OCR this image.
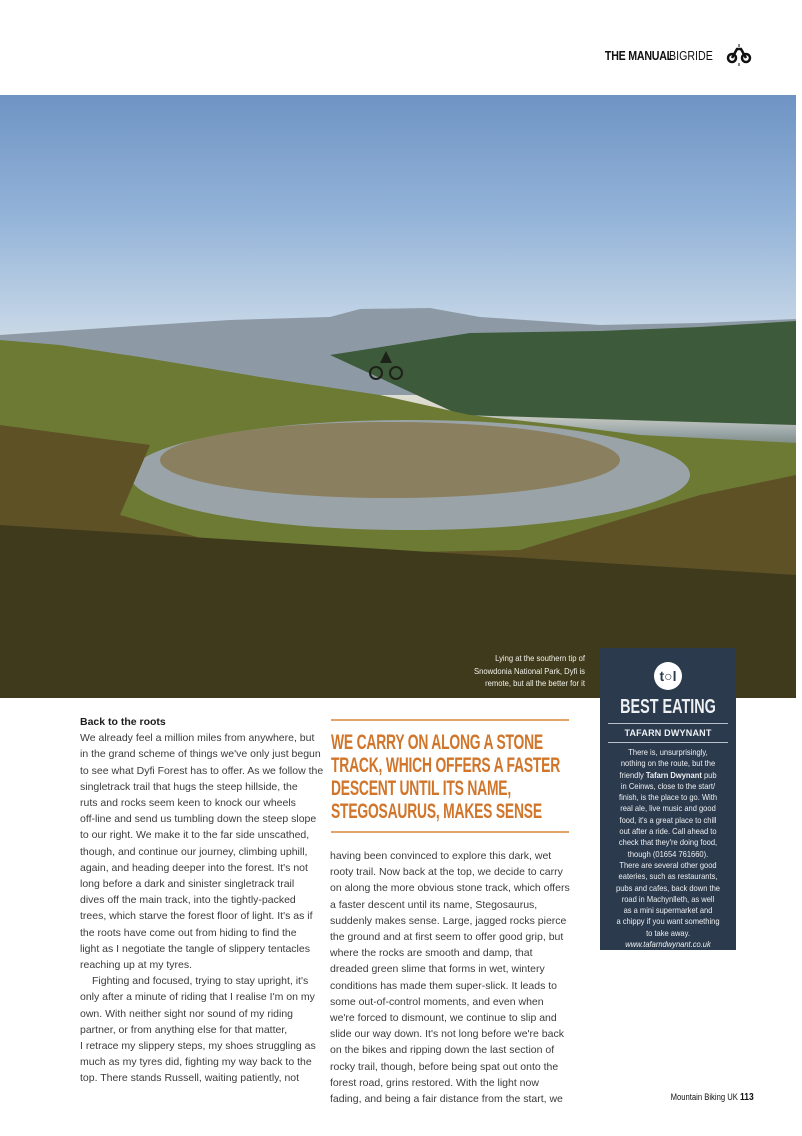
THE MANUAL
BIGRIDE
Lying at the southern tip of
Snowdonia National Park, Dyfi is
remote, but all the better for it	t○l
BEST EATING
TAFARN DWYNANT
There is, unsurprisingly,
nothing on the route, but the
friendly Tafarn Dwynant pub
in Ceinws, close to the start/
finish, is the place to go. With
real ale, live music and good
food, it's a great place to chill
out after a ride. Call ahead to
check that they're doing food,
though (01654 761660).
There are several other good
eateries, such as restaurants,
pubs and cafes, back down the
road in Machynlleth, as well
as a mini supermarket and
a chippy if you want something
to take away.
www.tafarndwynant.co.uk
Back to the roots
We already feel a million miles from anywhere, but
in the grand scheme of things we've only just begun
to see what Dyfi Forest has to offer. As we follow the
singletrack trail that hugs the steep hillside, the
ruts and rocks seem keen to knock our wheels
off-line and send us tumbling down the steep slope
to our right. We make it to the far side unscathed,
though, and continue our journey, climbing uphill,
again, and heading deeper into the forest. It's not
long before a dark and sinister singletrack trail
dives off the main track, into the tightly-packed
trees, which starve the forest floor of light. It's as if
the roots have come out from hiding to find the
light as I negotiate the tangle of slippery tentacles
reaching up at my tyres.
Fighting and focused, trying to stay upright, it's
only after a minute of riding that I realise I'm on my
own. With neither sight nor sound of my riding
partner, or from anything else for that matter,
I retrace my slippery steps, my shoes struggling as
much as my tyres did, fighting my way back to the
top. There stands Russell, waiting patiently, not
WE CARRY ON ALONG A STONE
TRACK, WHICH OFFERS A FASTER
DESCENT UNTIL ITS NAME,
STEGOSAURUS, MAKES SENSE
having been convinced to explore this dark, wet
rooty trail. Now back at the top, we decide to carry
on along the more obvious stone track, which offers
a faster descent until its name, Stegosaurus,
suddenly makes sense. Large, jagged rocks pierce
the ground and at first seem to offer good grip, but
where the rocks are smooth and damp, that
dreaded green slime that forms in wet, wintery
conditions has made them super-slick. It leads to
some out-of-control moments, and even when
we're forced to dismount, we continue to slip and
slide our way down. It's not long before we're back
on the bikes and ripping down the last section of
rocky trail, though, before being spat out onto the
forest road, grins restored. With the light now
fading, and being a fair distance from the start, we	Mountain Biking UK 113
